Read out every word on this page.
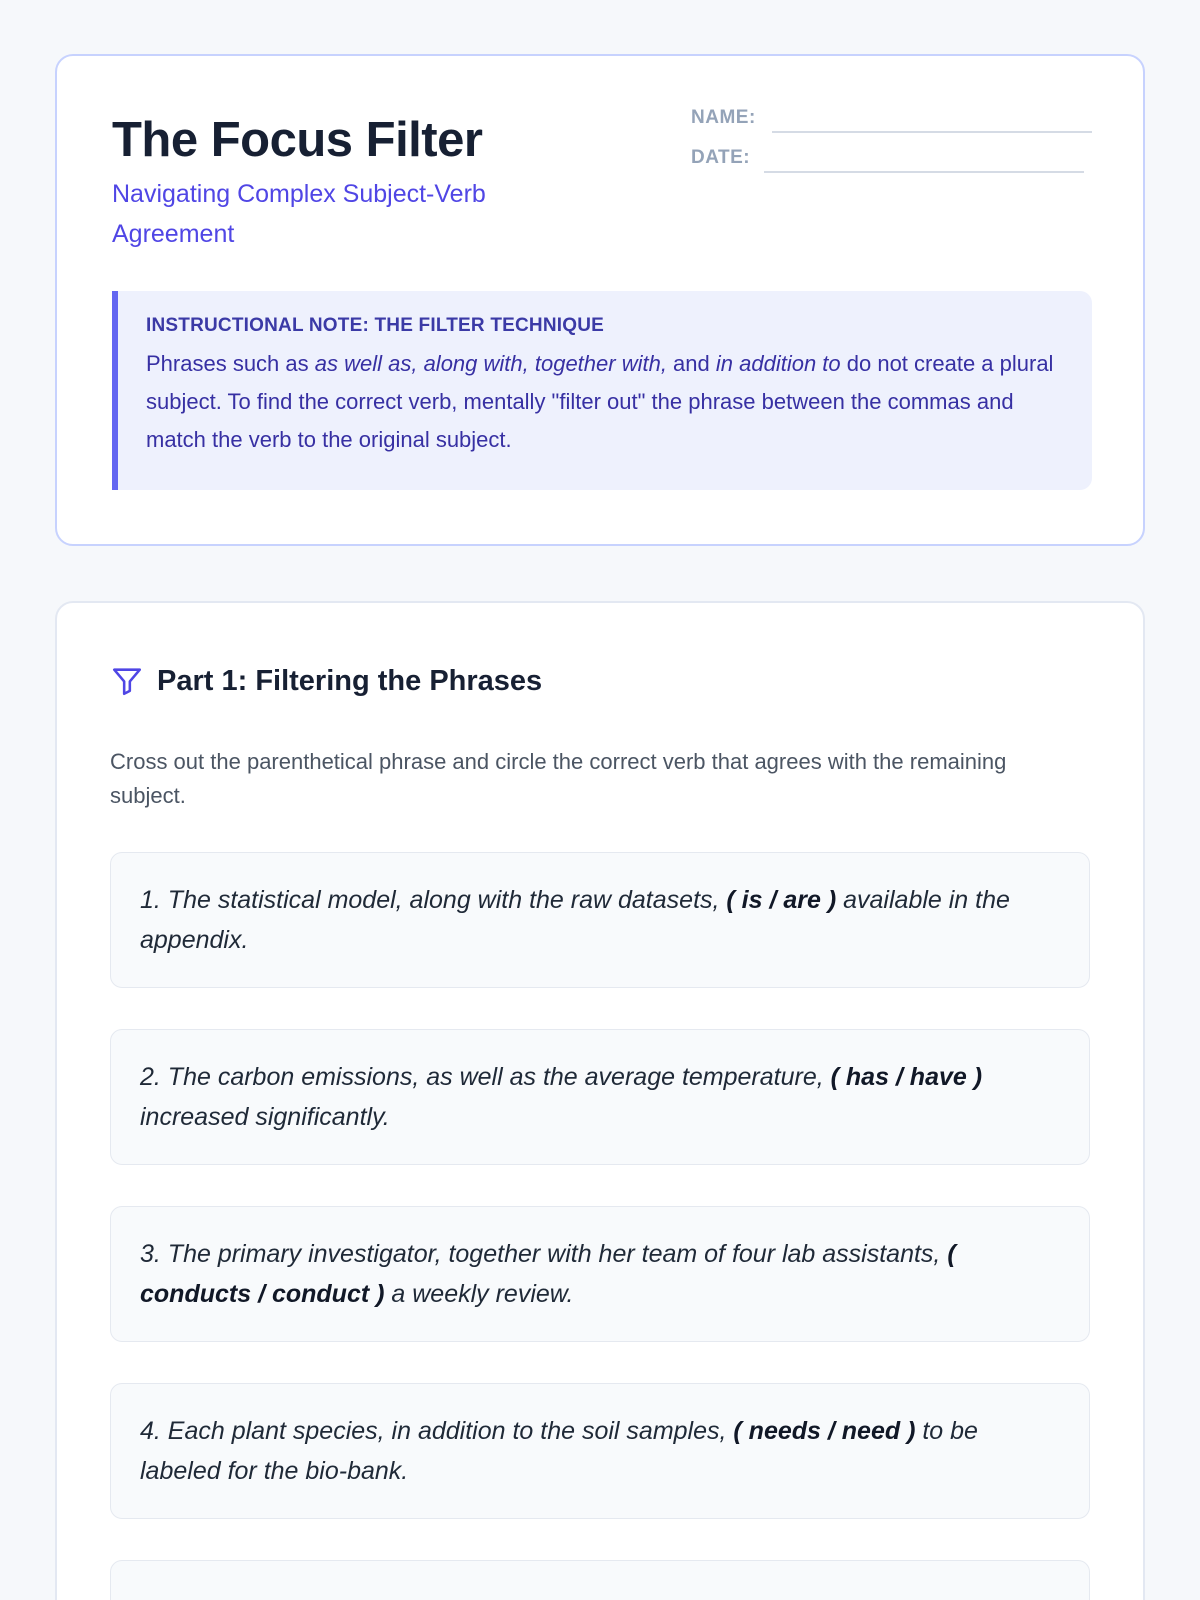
The Focus Filter

Navigating Complex Subject-Verb Agreement

NAME:
DATE:

INSTRUCTIONAL NOTE: THE FILTER TECHNIQUE

Phrases such as as well as, along with, together with, and in addition to do not create a plural subject. To find the correct verb, mentally "filter out" the phrase between the commas and match the verb to the original subject.

Part 1: Filtering the Phrases

Cross out the parenthetical phrase and circle the correct verb that agrees with the remaining subject.

1. The statistical model, along with the raw datasets, ( is / are ) available in the appendix.

2. The carbon emissions, as well as the average temperature, ( has / have ) increased significantly.

3. The primary investigator, together with her team of four lab assistants, ( conducts / conduct ) a weekly review.

4. Each plant species, in addition to the soil samples, ( needs / need ) to be labeled for the bio-bank.
